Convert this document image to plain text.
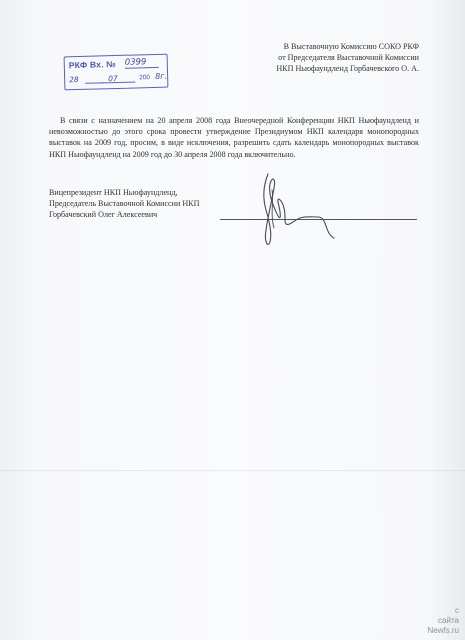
В Выставочную Комиссию СОКО РКФ
от Председателя Выставочной Комиссии
НКП Ньюфаундленд Горбачевского О. А.
РКФ Вх. № 0399
28	07	200 8г.
В связи с назначением на 20 апреля 2008 года Внеочередной Конференции НКП Ньюфаундленд и невозможностью до этого срока провести утверждение Президиумом НКП календаря монопородных выставок на 2009 год, просим, в виде исключения, разрешить сдать календарь монопородных выставок НКП Ньюфаундленд на 2009 год до 30 апреля 2008 года включительно.
Вицепрезидент НКП Ньюфаундленд,
Председатель Выставочной Комиссии НКП
Горбачевский Олег Алексеевич
с
сайта
Newfs.ru
